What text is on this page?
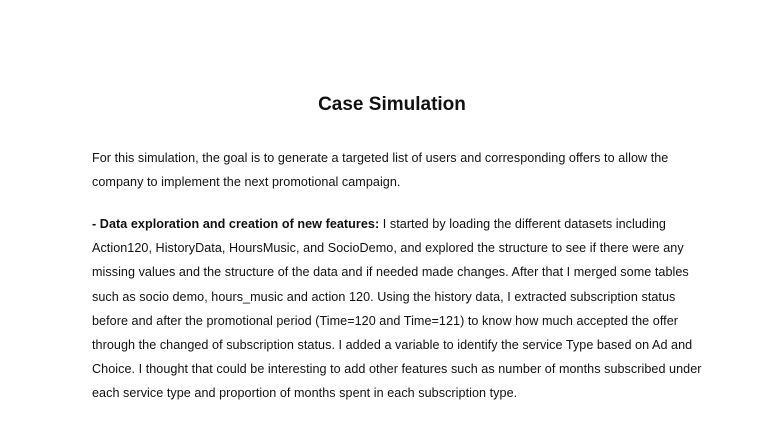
Case Simulation

For this simulation, the goal is to generate a targeted list of users and corresponding offers to allow the company to implement the next promotional campaign.

- Data exploration and creation of new features: I started by loading the different datasets including Action120, HistoryData, HoursMusic, and SocioDemo, and explored the structure to see if there were any missing values and the structure of the data and if needed made changes. After that I merged some tables such as socio demo, hours_music and action 120. Using the history data, I extracted subscription status before and after the promotional period (Time=120 and Time=121) to know how much accepted the offer through the changed of subscription status. I added a variable to identify the service Type based on Ad and Choice. I thought that could be interesting to add other features such as number of months subscribed under each service type and proportion of months spent in each subscription type.
